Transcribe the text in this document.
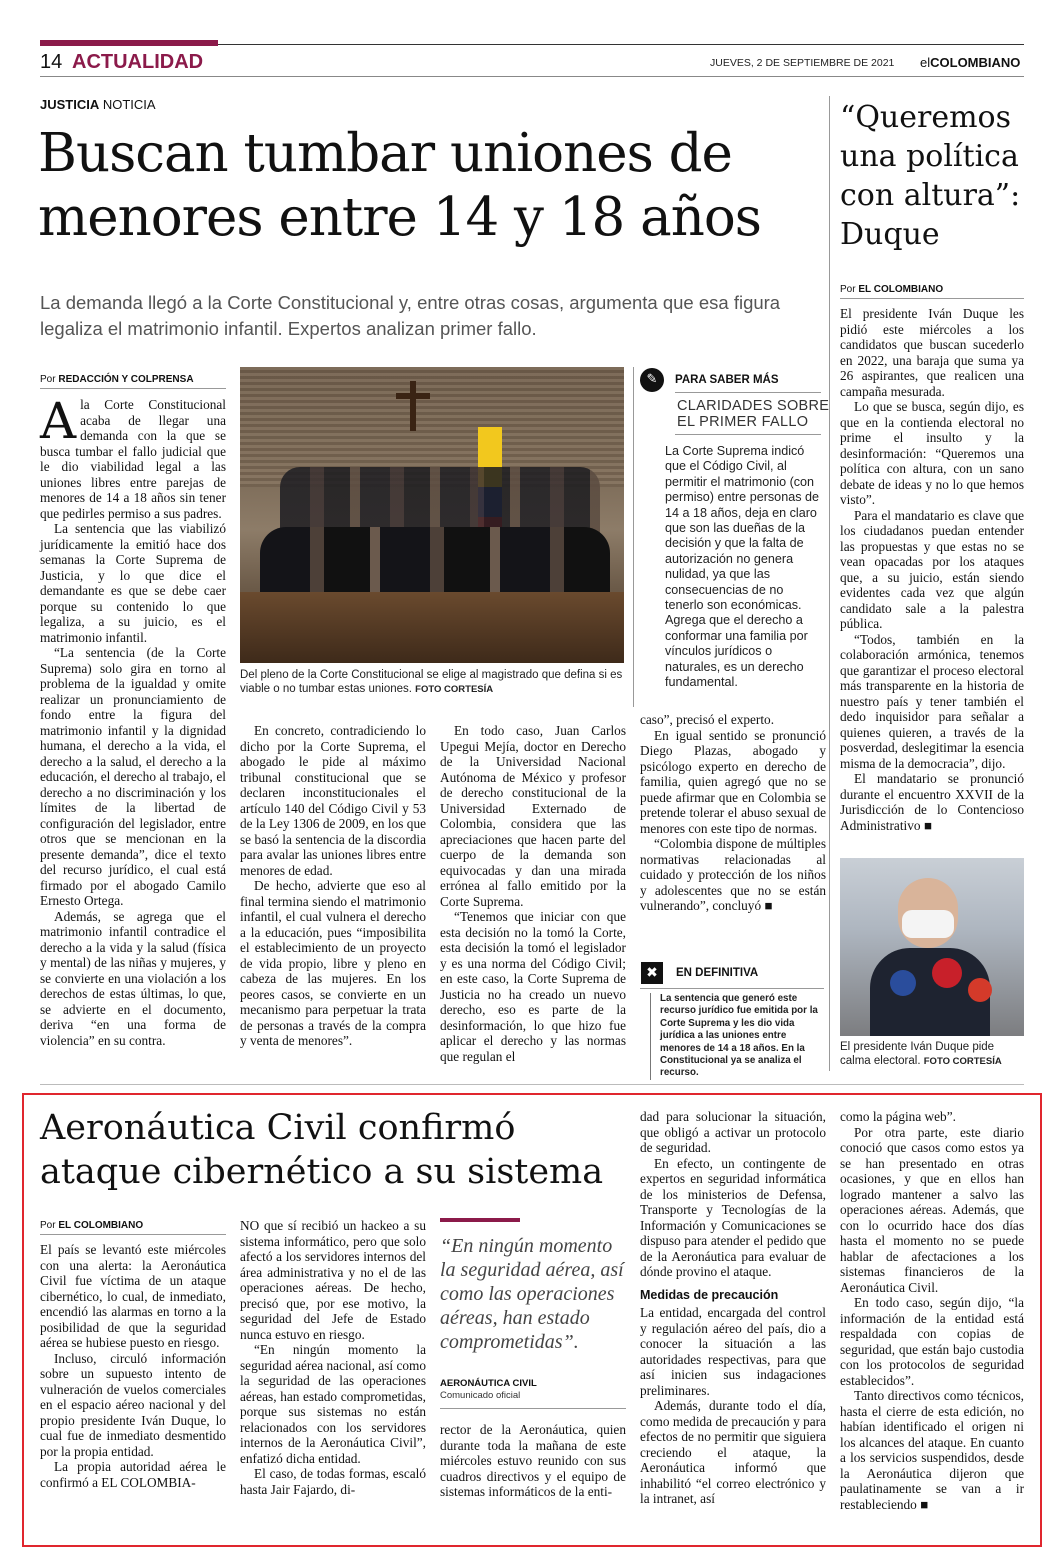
14 ACTUALIDAD	JUEVES, 2 DE SEPTIEMBRE DE 2021 elCOLOMBIANO
JUSTICIA NOTICIA
Buscan tumbar uniones de
menores entre 14 y 18 años
La demanda llegó a la Corte Constitucional y, entre otras cosas, argumenta que esa figura legaliza el matrimonio infantil. Expertos analizan primer fallo.
Por REDACCIÓN Y COLPRENSA

Ala Corte Constitucional acaba de llegar una demanda con la que se busca tumbar el fallo judicial que le dio viabilidad legal a las uniones libres entre parejas de menores de 14 a 18 años sin tener que pedirles permiso a sus padres.

La sentencia que las viabilizó jurídicamente la emitió hace dos semanas la Corte Suprema de Justicia, y lo que dice el demandante es que se debe caer porque su contenido lo que legaliza, a su juicio, es el matrimonio infantil.

“La sentencia (de la Corte Suprema) solo gira en torno al problema de la igualdad y omite realizar un pronunciamiento de fondo entre la figura del matrimonio infantil y la dignidad humana, el derecho a la vida, el derecho a la salud, el derecho a la educación, el derecho al trabajo, el derecho a no discriminación y los límites de la libertad de configuración del legislador, entre otros que se mencionan en la presente demanda”, dice el texto del recurso jurídico, el cual está firmado por el abogado Camilo Ernesto Ortega.

Además, se agrega que el matrimonio infantil contradice el derecho a la vida y la salud (física y mental) de las niñas y mujeres, y se convierte en una violación a los derechos de estas últimas, lo que, se advierte en el documento, deriva “en una forma de violencia” en su contra.

Del pleno de la Corte Constitucional se elige al magistrado que defina si es viable o no tumbar estas uniones. FOTO CORTESÍA

En concreto, contradiciendo lo dicho por la Corte Suprema, el abogado le pide al máximo tribunal constitucional que se declaren inconstitucionales el artículo 140 del Código Civil y 53 de la Ley 1306 de 2009, en los que se basó la sentencia de la discordia para avalar las uniones libres entre menores de edad.

De hecho, advierte que eso al final termina siendo el matrimonio infantil, el cual vulnera el derecho a la educación, pues “imposibilita el establecimiento de un proyecto de vida propio, libre y pleno en cabeza de las mujeres. En los peores casos, se convierte en un mecanismo para perpetuar la trata de personas a través de la compra y venta de menores”.

En todo caso, Juan Carlos Upegui Mejía, doctor en Derecho de la Universidad Nacional Autónoma de México y profesor de derecho constitucional de la Universidad Externado de Colombia, considera que las apreciaciones que hacen parte del cuerpo de la demanda son equivocadas y dan una mirada errónea al fallo emitido por la Corte Suprema.

“Tenemos que iniciar con que esta decisión no la tomó la Corte, esta decisión la tomó el legislador y es una norma del Código Civil; en este caso, la Corte Suprema de Justicia no ha creado un nuevo derecho, eso es parte de la desinformación, lo que hizo fue aplicar el derecho y las normas que regulan el

✎	PARA SABER MÁS
CLARIDADES SOBRE
EL PRIMER FALLO
La Corte Suprema indicó que el Código Civil, al permitir el matrimonio (con permiso) entre personas de 14 a 18 años, deja en claro que son las dueñas de la decisión y que la falta de autorización no genera nulidad, ya que las consecuencias de no tenerlo son económicas. Agrega que el derecho a conformar una familia por vínculos jurídicos o naturales, es un derecho fundamental.

caso”, precisó el experto.

En igual sentido se pronunció Diego Plazas, abogado y psicólogo experto en derecho de familia, quien agregó que no se puede afirmar que en Colombia se pretende tolerar el abuso sexual de menores con este tipo de normas.

“Colombia dispone de múltiples normativas relacionadas al cuidado y protección de los niños y adolescentes que no se están vulnerando”, concluyó ■

✖	EN DEFINITIVA
La sentencia que generó este recurso jurídico fue emitida por la Corte Suprema y les dio vida jurídica a las uniones entre menores de 14 a 18 años. En la Constitucional ya se analiza el recurso.
“Queremos una política con altura”: Duque
Por EL COLOMBIANO

El presidente Iván Duque les pidió este miércoles a los candidatos que buscan sucederlo en 2022, una baraja que suma ya 26 aspirantes, que realicen una campaña mesurada.

Lo que se busca, según dijo, es que en la contienda electoral no prime el insulto y la desinformación: “Queremos una política con altura, con un sano debate de ideas y no lo que hemos visto”.

Para el mandatario es clave que los ciudadanos puedan entender las propuestas y que estas no se vean opacadas por los ataques que, a su juicio, están siendo evidentes cada vez que algún candidato sale a la palestra pública.

“Todos, también en la colaboración armónica, tenemos que garantizar el proceso electoral más transparente en la historia de nuestro país y tener también el dedo inquisidor para señalar a quienes quieren, a través de la posverdad, deslegitimar la esencia misma de la democracia”, dijo.

El mandatario se pronunció durante el encuentro XXVII de la Jurisdicción de lo Contencioso Administrativo ■

El presidente Iván Duque pide calma electoral. FOTO CORTESÍA
Aeronáutica Civil confirmó
ataque cibernético a su sistema
Por EL COLOMBIANO

El país se levantó este miércoles con una alerta: la Aeronáutica Civil fue víctima de un ataque cibernético, lo cual, de inmediato, encendió las alarmas en torno a la posibilidad de que la seguridad aérea se hubiese puesto en riesgo.

Incluso, circuló información sobre un supuesto intento de vulneración de vuelos comerciales en el espacio aéreo nacional y del propio presidente Iván Duque, lo cual fue de inmediato desmentido por la propia entidad.

La propia autoridad aérea le confirmó a EL COLOMBIA-

NO que sí recibió un hackeo a su sistema informático, pero que solo afectó a los servidores internos del área administrativa y no el de las operaciones aéreas. De hecho, precisó que, por ese motivo, la seguridad del Jefe de Estado nunca estuvo en riesgo.

“En ningún momento la seguridad aérea nacional, así como la seguridad de las operaciones aéreas, han estado comprometidas, porque sus sistemas no están relacionados con los servidores internos de la Aeronáutica Civil”, enfatizó dicha entidad.

El caso, de todas formas, escaló hasta Jair Fajardo, di-

“En ningún momento la seguridad aérea, así como las operaciones aéreas, han estado comprometidas”.
AERONÁUTICA CIVIL
Comunicado oficial

rector de la Aeronáutica, quien durante toda la mañana de este miércoles estuvo reunido con sus cuadros directivos y el equipo de sistemas informáticos de la enti-

dad para solucionar la situación, que obligó a activar un protocolo de seguridad.

En efecto, un contingente de expertos en seguridad informática de los ministerios de Defensa, Transporte y Tecnologías de la Información y Comunicaciones se dispuso para atender el pedido que de la Aeronáutica para evaluar de dónde provino el ataque.

Medidas de precaución

La entidad, encargada del control y regulación aéreo del país, dio a conocer la situación a las autoridades respectivas, para que así inicien sus indagaciones preliminares.

Además, durante todo el día, como medida de precaución y para efectos de no permitir que siguiera creciendo el ataque, la Aeronáutica informó que inhabilitó “el correo electrónico y la intranet, así

como la página web”.

Por otra parte, este diario conoció que casos como estos ya se han presentado en otras ocasiones, y que en ellos han logrado mantener a salvo las operaciones aéreas. Además, que con lo ocurrido hace dos días hasta el momento no se puede hablar de afectaciones a los sistemas financieros de la Aeronáutica Civil.

En todo caso, según dijo, “la información de la entidad está respaldada con copias de seguridad, que están bajo custodia con los protocolos de seguridad establecidos”.

Tanto directivos como técnicos, hasta el cierre de esta edición, no habían identificado el origen ni los alcances del ataque. En cuanto a los servicios suspendidos, desde la Aeronáutica dijeron que paulatinamente se van a ir restableciendo ■
